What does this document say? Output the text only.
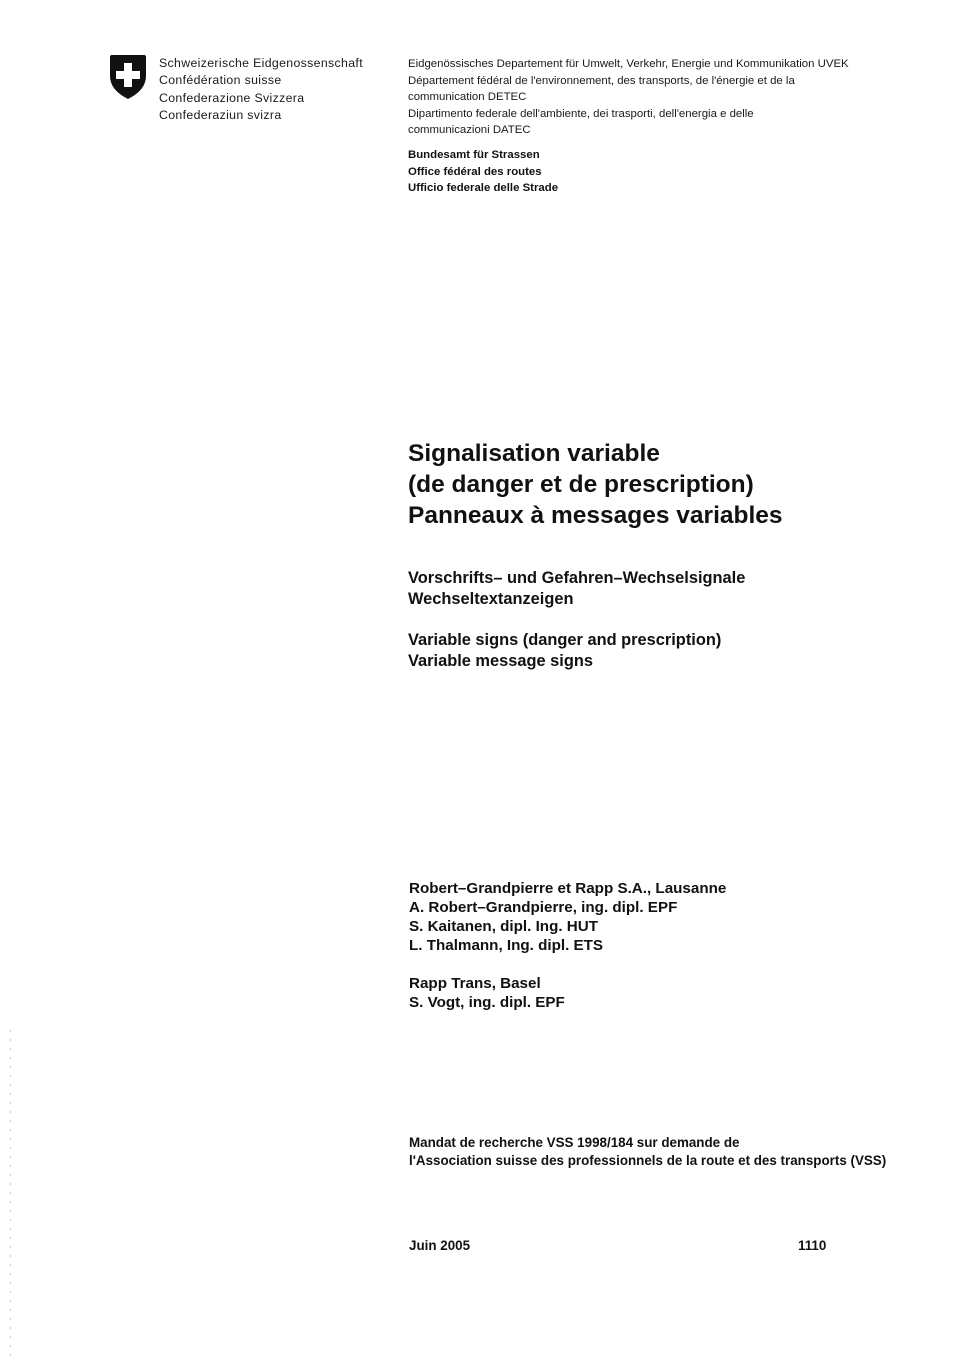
Schweizerische Eidgenossenschaft
Confédération suisse
Confederazione Svizzera
Confederaziun svizra
Eidgenössisches Departement für Umwelt, Verkehr, Energie und Kommunikation UVEK
Département fédéral de l'environnement, des transports, de l'énergie et de la
communication DETEC
Dipartimento federale dell'ambiente, dei trasporti, dell'energia e delle
communicazioni DATEC
Bundesamt für Strassen
Office fédéral des routes
Ufficio federale delle Strade
Signalisation variable
(de danger et de prescription)
Panneaux à messages variables
Vorschrifts– und Gefahren–Wechselsignale
Wechseltextanzeigen
Variable signs (danger and prescription)
Variable message signs
Robert–Grandpierre et Rapp S.A., Lausanne
A. Robert–Grandpierre, ing. dipl. EPF
S. Kaitanen, dipl. Ing. HUT
L. Thalmann, Ing. dipl. ETS
Rapp Trans, Basel
S. Vogt, ing. dipl. EPF
Mandat de recherche VSS 1998/184 sur demande de
l'Association suisse des professionnels de la route et des transports (VSS)
Juin 2005	1110
